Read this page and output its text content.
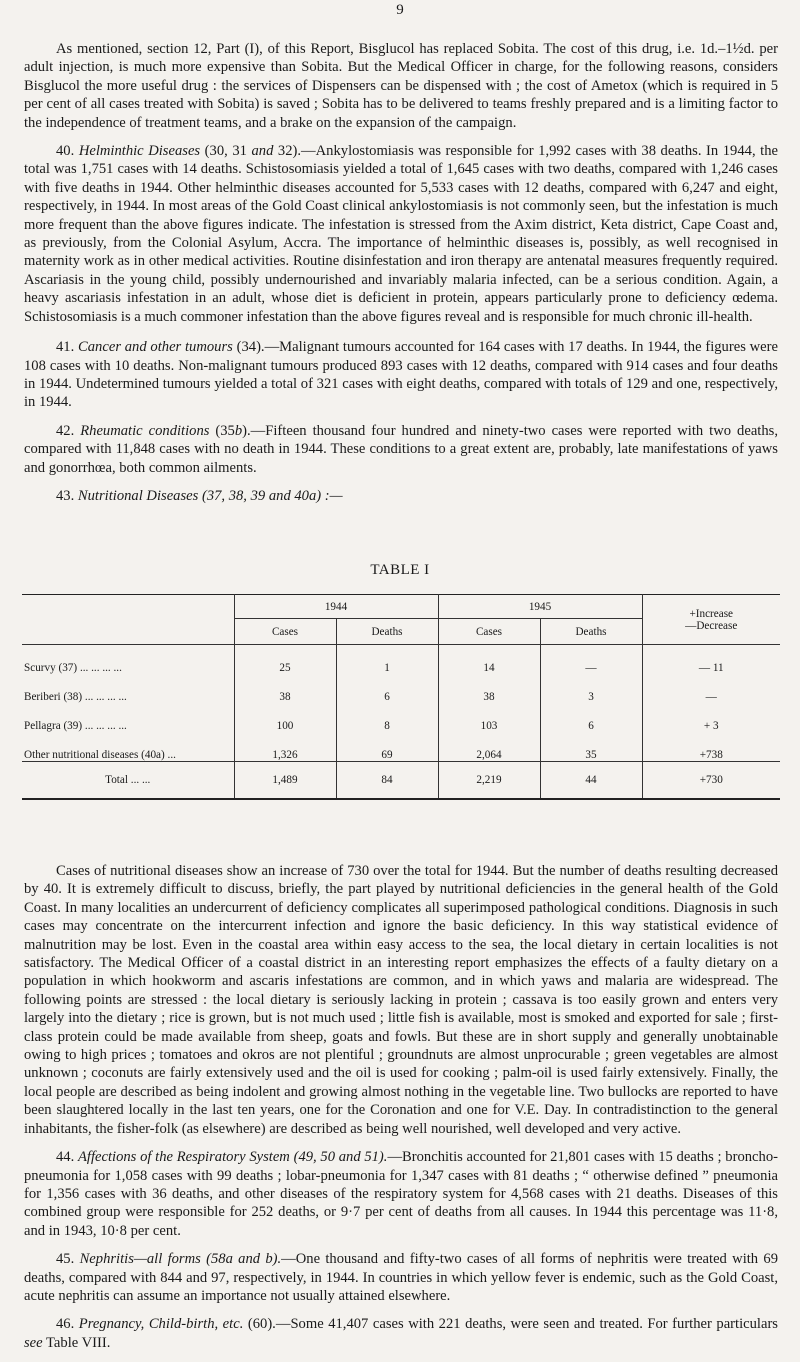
9

As mentioned, section 12, Part (I), of this Report, Bisglucol has replaced Sobita. The cost of this drug, i.e. 1d.–1½d. per adult injection, is much more expensive than Sobita. But the Medical Officer in charge, for the following reasons, considers Bisglucol the more useful drug : the services of Dispensers can be dispensed with ; the cost of Ametox (which is required in 5 per cent of all cases treated with Sobita) is saved ; Sobita has to be delivered to teams freshly prepared and is a limiting factor to the independence of treatment teams, and a brake on the expansion of the campaign.

40. Helminthic Diseases (30, 31 and 32).—Ankylostomiasis was responsible for 1,992 cases with 38 deaths. In 1944, the total was 1,751 cases with 14 deaths. Schistosomiasis yielded a total of 1,645 cases with two deaths, compared with 1,246 cases with five deaths in 1944. Other helminthic diseases accounted for 5,533 cases with 12 deaths, compared with 6,247 and eight, respectively, in 1944. In most areas of the Gold Coast clinical ankylostomiasis is not commonly seen, but the infestation is much more frequent than the above figures indicate. The infestation is stressed from the Axim district, Keta district, Cape Coast and, as previously, from the Colonial Asylum, Accra. The importance of helminthic diseases is, possibly, as well recognised in maternity work as in other medical activities. Routine disinfestation and iron therapy are antenatal measures frequently required. Ascariasis in the young child, possibly undernourished and invariably malaria infected, can be a serious condition. Again, a heavy ascariasis infestation in an adult, whose diet is deficient in protein, appears particularly prone to deficiency œdema. Schistosomiasis is a much commoner infestation than the above figures reveal and is responsible for much chronic ill-health.

41. Cancer and other tumours (34).—Malignant tumours accounted for 164 cases with 17 deaths. In 1944, the figures were 108 cases with 10 deaths. Non-malignant tumours produced 893 cases with 12 deaths, compared with 914 cases and four deaths in 1944. Undetermined tumours yielded a total of 321 cases with eight deaths, compared with totals of 129 and one, respectively, in 1944.

42. Rheumatic conditions (35b).—Fifteen thousand four hundred and ninety-two cases were reported with two deaths, compared with 11,848 cases with no death in 1944. These conditions to a great extent are, probably, late manifestations of yaws and gonorrhœa, both common ailments.

43. Nutritional Diseases (37, 38, 39 and 40a) :—

TABLE I
	1944		1945		+Increase
—Decrease

	Cases	Deaths	Cases	Deaths	
Scurvy (37) ... ... ... ...	25	1	14	—	— 11
Beriberi (38) ... ... ... ...	38	6	38	3	—
Pellagra (39) ... ... ... ...	100	8	103	6	+ 3
Other nutritional diseases (40a) ...	1,326	69	2,064	35	+738
Total ... ...	1,489	84	2,219	44	+730

Cases of nutritional diseases show an increase of 730 over the total for 1944. But the number of deaths resulting decreased by 40. It is extremely difficult to discuss, briefly, the part played by nutritional deficiencies in the general health of the Gold Coast. In many localities an undercurrent of deficiency complicates all superimposed pathological conditions. Diagnosis in such cases may concentrate on the intercurrent infection and ignore the basic deficiency. In this way statistical evidence of malnutrition may be lost. Even in the coastal area within easy access to the sea, the local dietary in certain localities is not satisfactory. The Medical Officer of a coastal district in an interesting report emphasizes the effects of a faulty dietary on a population in which hookworm and ascaris infestations are common, and in which yaws and malaria are widespread. The following points are stressed : the local dietary is seriously lacking in protein ; cassava is too easily grown and enters very largely into the dietary ; rice is grown, but is not much used ; little fish is available, most is smoked and exported for sale ; first-class protein could be made available from sheep, goats and fowls. But these are in short supply and generally unobtainable owing to high prices ; tomatoes and okros are not plentiful ; groundnuts are almost unprocurable ; green vegetables are almost unknown ; coconuts are fairly extensively used and the oil is used for cooking ; palm-oil is used fairly extensively. Finally, the local people are described as being indolent and growing almost nothing in the vegetable line. Two bullocks are reported to have been slaughtered locally in the last ten years, one for the Coronation and one for V.E. Day. In contradistinction to the general inhabitants, the fisher-folk (as elsewhere) are described as being well nourished, well developed and very active.

44. Affections of the Respiratory System (49, 50 and 51).—Bronchitis accounted for 21,801 cases with 15 deaths ; broncho-pneumonia for 1,058 cases with 99 deaths ; lobar-pneumonia for 1,347 cases with 81 deaths ; “ otherwise defined ” pneumonia for 1,356 cases with 36 deaths, and other diseases of the respiratory system for 4,568 cases with 21 deaths. Diseases of this combined group were responsible for 252 deaths, or 9·7 per cent of deaths from all causes. In 1944 this percentage was 11·8, and in 1943, 10·8 per cent.

45. Nephritis—all forms (58a and b).—One thousand and fifty-two cases of all forms of nephritis were treated with 69 deaths, compared with 844 and 97, respectively, in 1944. In countries in which yellow fever is endemic, such as the Gold Coast, acute nephritis can assume an importance not usually attained elsewhere.

46. Pregnancy, Child-birth, etc. (60).—Some 41,407 cases with 221 deaths, were seen and treated. For further particulars see Table VIII.
